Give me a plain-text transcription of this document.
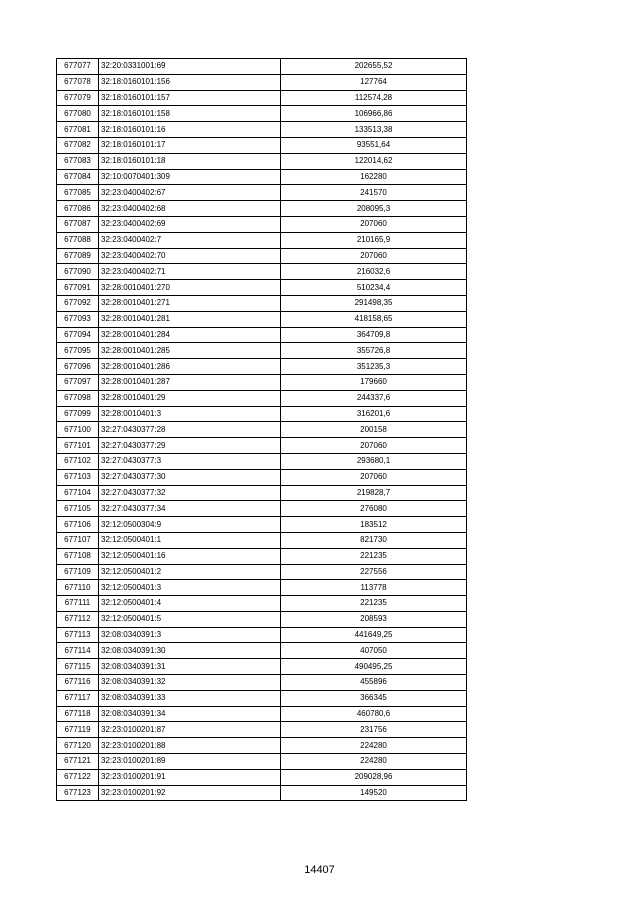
677077	32:20:0331001:69	202655,52
677078	32:18:0160101:156	127764
677079	32:18:0160101:157	112574,28
677080	32:18:0160101:158	106966,86
677081	32:18:0160101:16	133513,38
677082	32:18:0160101:17	93551,64
677083	32:18:0160101:18	122014,62
677084	32:10:0070401:309	162280
677085	32:23:0400402:67	241570
677086	32:23:0400402:68	208095,3
677087	32:23:0400402:69	207060
677088	32:23:0400402:7	210165,9
677089	32:23:0400402:70	207060
677090	32:23:0400402:71	216032,6
677091	32:28:0010401:270	510234,4
677092	32:28:0010401:271	291498,35
677093	32:28:0010401:281	418158,65
677094	32:28:0010401:284	364709,8
677095	32:28:0010401:285	355726,8
677096	32:28:0010401:286	351235,3
677097	32:28:0010401:287	179660
677098	32:28:0010401:29	244337,6
677099	32:28:0010401:3	316201,6
677100	32:27:0430377:28	200158
677101	32:27:0430377:29	207060
677102	32:27:0430377:3	293680,1
677103	32:27:0430377:30	207060
677104	32:27:0430377:32	219828,7
677105	32:27:0430377:34	276080
677106	32:12:0500304:9	183512
677107	32:12:0500401:1	821730
677108	32:12:0500401:16	221235
677109	32:12:0500401:2	227556
677110	32:12:0500401:3	113778
677111	32:12:0500401:4	221235
677112	32:12:0500401:5	208593
677113	32:08:0340391:3	441649,25
677114	32:08:0340391:30	407050
677115	32:08:0340391:31	490495,25
677116	32:08:0340391:32	455896
677117	32:08:0340391:33	366345
677118	32:08:0340391:34	460780,6
677119	32:23:0100201:87	231756
677120	32:23:0100201:88	224280
677121	32:23:0100201:89	224280
677122	32:23:0100201:91	209028,96
677123	32:23:0100201:92	149520
14407
